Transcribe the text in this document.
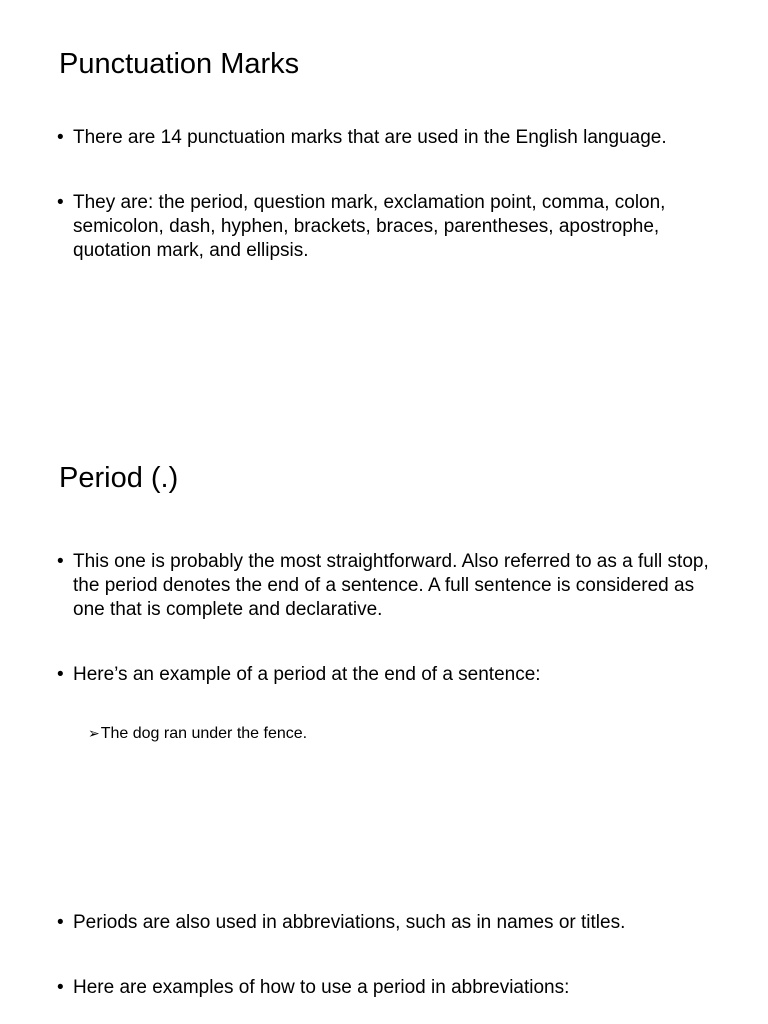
Punctuation Marks
• There are 14 punctuation marks that are used in the English language.
• They are: the period, question mark, exclamation point, comma, colon, semicolon, dash, hyphen, brackets, braces, parentheses, apostrophe, quotation mark, and ellipsis.
Period (.)
• This one is probably the most straightforward. Also referred to as a full stop, the period denotes the end of a sentence. A full sentence is considered as one that is complete and declarative.
• Here’s an example of a period at the end of a sentence:
➢The dog ran under the fence.
• Periods are also used in abbreviations, such as in names or titles.
• Here are examples of how to use a period in abbreviations:
